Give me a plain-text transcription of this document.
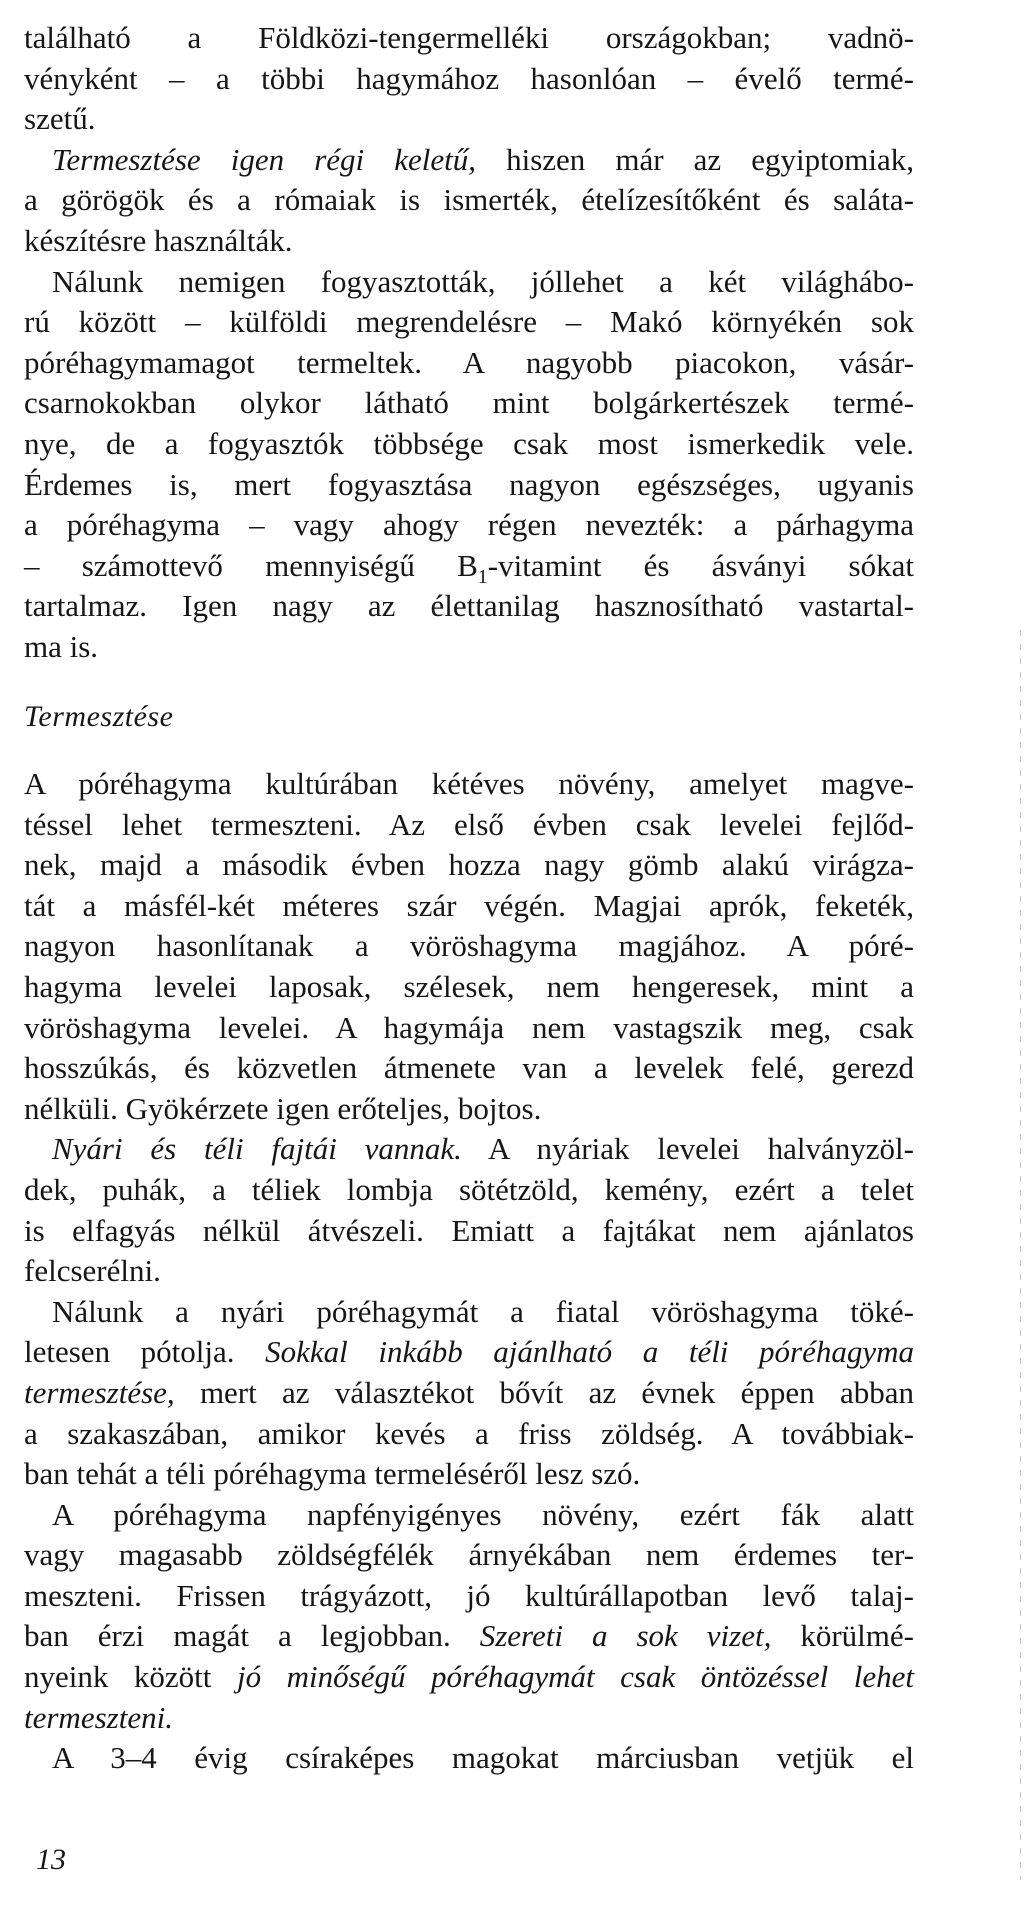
található a Földközi-tengermelléki országokban; vadnö-
vényként – a többi hagymához hasonlóan – évelő termé-
szetű.
Termesztése igen régi keletű, hiszen már az egyiptomiak,
a görögök és a rómaiak is ismerték, ételízesítőként és saláta-
készítésre használták.
Nálunk nemigen fogyasztották, jóllehet a két világhábo-
rú között – külföldi megrendelésre – Makó környékén sok
póréhagymamagot termeltek. A nagyobb piacokon, vásár-
csarnokokban olykor látható mint bolgárkertészek termé-
nye, de a fogyasztók többsége csak most ismerkedik vele.
Érdemes is, mert fogyasztása nagyon egészséges, ugyanis
a póréhagyma – vagy ahogy régen nevezték: a párhagyma
– számottevő mennyiségű $B_1$-vitamint és ásványi sókat
tartalmaz. Igen nagy az élettanilag hasznosítható vastartal-
ma is.
Termesztése
A póréhagyma kultúrában kétéves növény, amelyet magve-
téssel lehet termeszteni. Az első évben csak levelei fejlőd-
nek, majd a második évben hozza nagy gömb alakú virágza-
tát a másfél-két méteres szár végén. Magjai aprók, feketék,
nagyon hasonlítanak a vöröshagyma magjához. A póré-
hagyma levelei laposak, szélesek, nem hengeresek, mint a
vöröshagyma levelei. A hagymája nem vastagszik meg, csak
hosszúkás, és közvetlen átmenete van a levelek felé, gerezd
nélküli. Gyökérzete igen erőteljes, bojtos.
Nyári és téli fajtái vannak. A nyáriak levelei halványzöl-
dek, puhák, a téliek lombja sötétzöld, kemény, ezért a telet
is elfagyás nélkül átvészeli. Emiatt a fajtákat nem ajánlatos
felcserélni.
Nálunk a nyári póréhagymát a fiatal vöröshagyma töké-
letesen pótolja. Sokkal inkább ajánlható a téli póréhagyma
termesztése, mert az választékot bővít az évnek éppen abban
a szakaszában, amikor kevés a friss zöldség. A továbbiak-
ban tehát a téli póréhagyma termeléséről lesz szó.
A póréhagyma napfényigényes növény, ezért fák alatt
vagy magasabb zöldségfélék árnyékában nem érdemes ter-
meszteni. Frissen trágyázott, jó kultúrállapotban levő talaj-
ban érzi magát a legjobban. Szereti a sok vizet, körülmé-
nyeink között jó minőségű póréhagymát csak öntözéssel lehet
termeszteni.
A 3–4 évig csíraképes magokat márciusban vetjük el
13
